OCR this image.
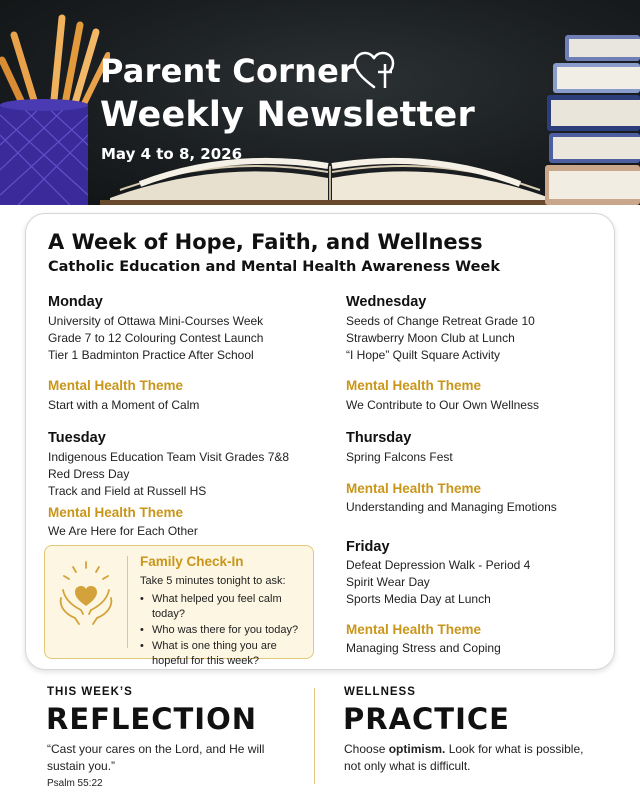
Parent Corner
Weekly Newsletter
May 4 to 8, 2026
A Week of Hope, Faith, and Wellness
Catholic Education and Mental Health Awareness Week
Monday
University of Ottawa Mini-Courses Week
Grade 7 to 12 Colouring Contest Launch
Tier 1 Badminton Practice After School
Mental Health Theme
Start with a Moment of Calm
Tuesday
Indigenous Education Team Visit Grades 7&8
Red Dress Day
Track and Field at Russell HS
Mental Health Theme
We Are Here for Each Other
Wednesday
Seeds of Change Retreat Grade 10
Strawberry Moon Club at Lunch
“I Hope” Quilt Square Activity
Mental Health Theme
We Contribute to Our Own Wellness
Thursday
Spring Falcons Fest
Mental Health Theme
Understanding and Managing Emotions
Friday
Defeat Depression Walk - Period 4
Spirit Wear Day
Sports Media Day at Lunch
Mental Health Theme
Managing Stress and Coping
Family Check-In
Take 5 minutes tonight to ask:
• What helped you feel calm today?
• Who was there for you today?
• What is one thing you are hopeful for this week?
THIS WEEK’S
REFLECTION
“Cast your cares on the Lord, and He will sustain you.”
Psalm 55:22
WELLNESS
PRACTICE
Choose optimism. Look for what is possible, not only what is difficult.
